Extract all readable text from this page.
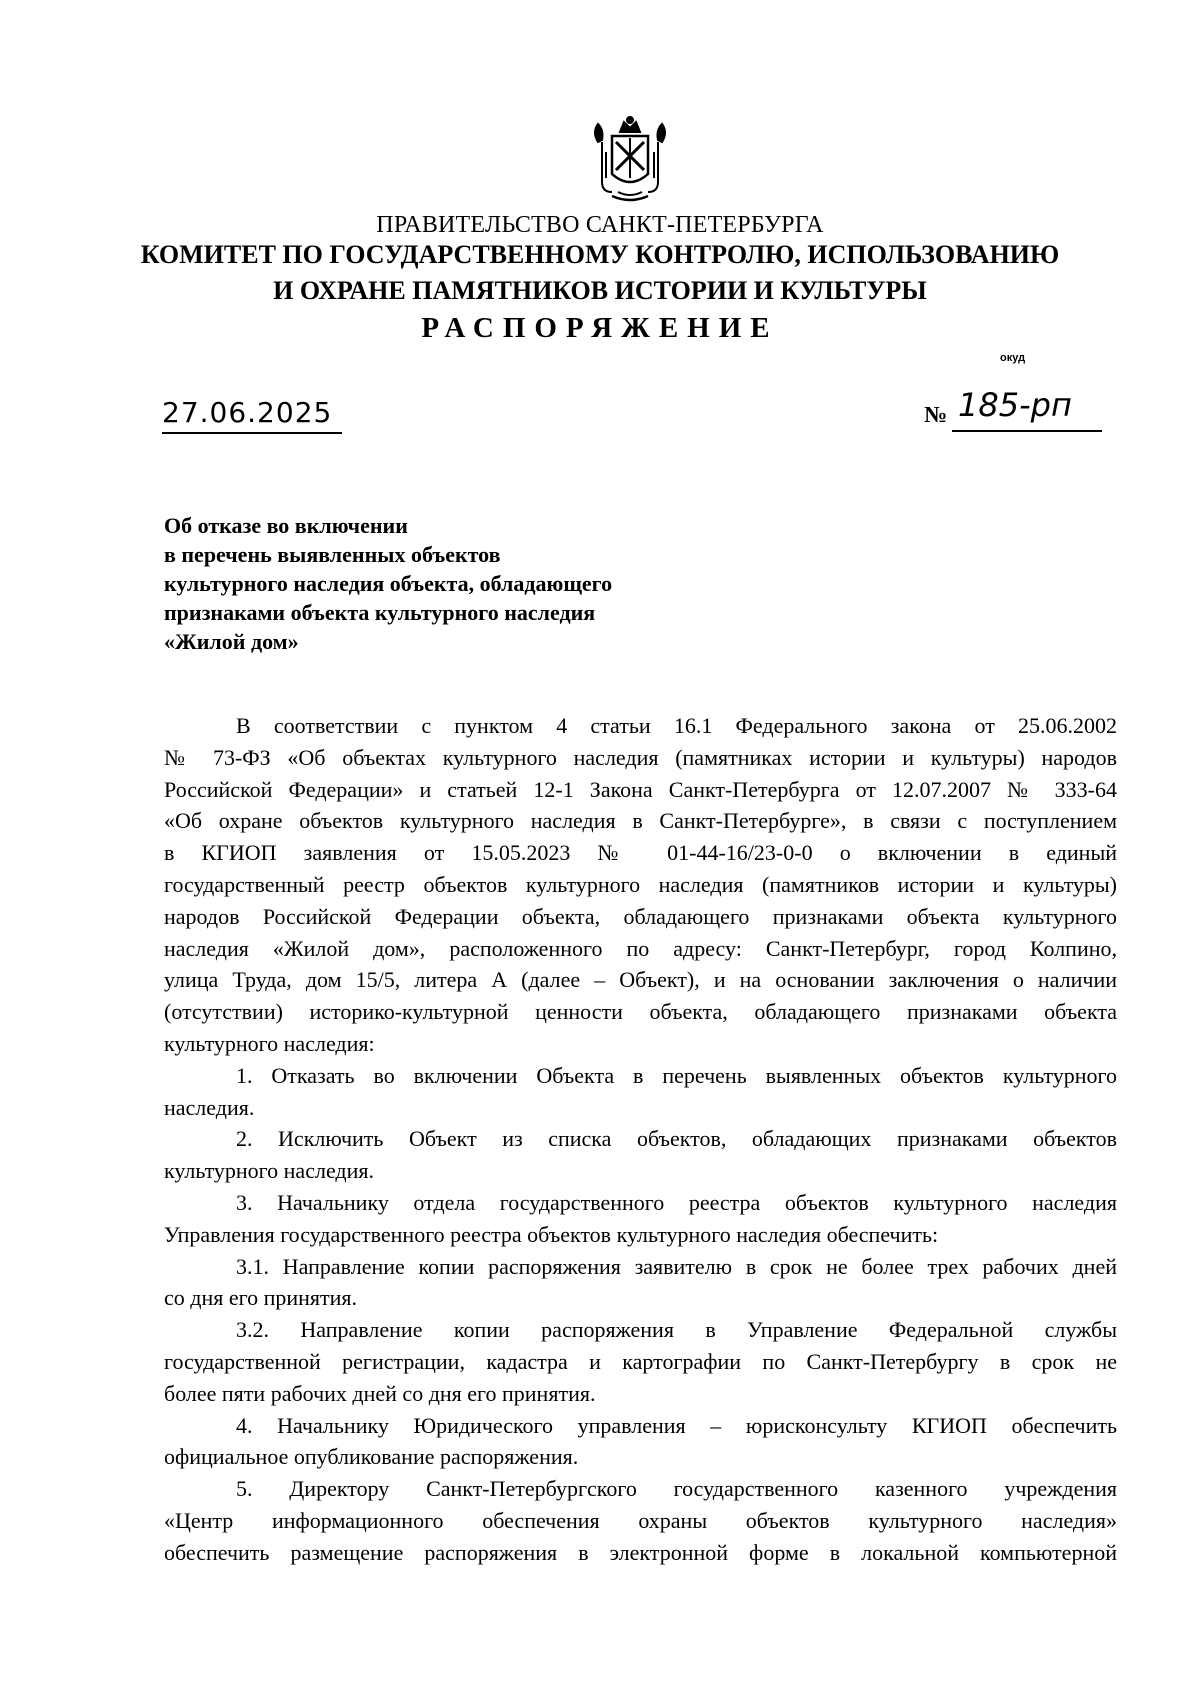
ПРАВИТЕЛЬСТВО САНКТ-ПЕТЕРБУРГА
КОМИТЕТ ПО ГОСУДАРСТВЕННОМУ КОНТРОЛЮ, ИСПОЛЬЗОВАНИЮ
И ОХРАНЕ ПАМЯТНИКОВ ИСТОРИИ И КУЛЬТУРЫ
РАСПОРЯЖЕНИЕ
окуд
27.06.2025	№ 185-рп
Об отказе во включении
в перечень выявленных объектов
культурного наследия объекта, обладающего
признаками объекта культурного наследия
«Жилой дом»
В соответствии с пунктом 4 статьи 16.1 Федерального закона от 25.06.2002
№ 73-ФЗ «Об объектах культурного наследия (памятниках истории и культуры) народов
Российской Федерации» и статьей 12-1 Закона Санкт-Петербурга от 12.07.2007 № 333-64
«Об охране объектов культурного наследия в Санкт-Петербурге», в связи с поступлением
в КГИОП заявления от 15.05.2023 № 01-44-16/23-0-0 о включении в единый
государственный реестр объектов культурного наследия (памятников истории и культуры)
народов Российской Федерации объекта, обладающего признаками объекта культурного
наследия «Жилой дом», расположенного по адресу: Санкт-Петербург, город Колпино,
улица Труда, дом 15/5, литера А (далее – Объект), и на основании заключения о наличии
(отсутствии) историко-культурной ценности объекта, обладающего признаками объекта
культурного наследия:
1. Отказать во включении Объекта в перечень выявленных объектов культурного
наследия.
2. Исключить Объект из списка объектов, обладающих признаками объектов
культурного наследия.
3. Начальнику отдела государственного реестра объектов культурного наследия
Управления государственного реестра объектов культурного наследия обеспечить:
3.1. Направление копии распоряжения заявителю в срок не более трех рабочих дней
со дня его принятия.
3.2. Направление копии распоряжения в Управление Федеральной службы
государственной регистрации, кадастра и картографии по Санкт-Петербургу в срок не
более пяти рабочих дней со дня его принятия.
4. Начальнику Юридического управления – юрисконсульту КГИОП обеспечить
официальное опубликование распоряжения.
5. Директору Санкт-Петербургского государственного казенного учреждения
«Центр информационного обеспечения охраны объектов культурного наследия»
обеспечить размещение распоряжения в электронной форме в локальной компьютерной
